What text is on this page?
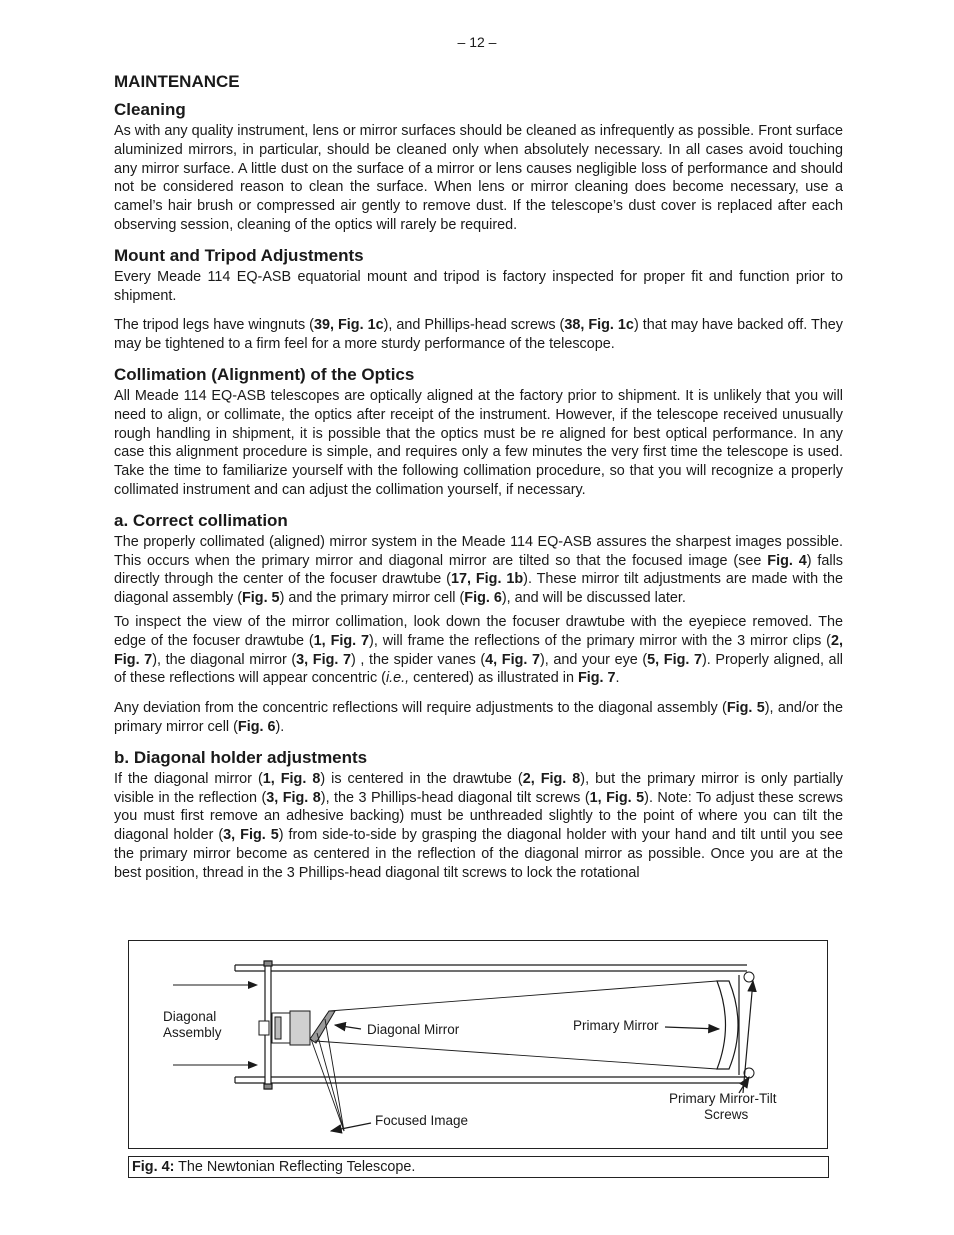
– 12 –
MAINTENANCE
Cleaning

As with any quality instrument, lens or mirror surfaces should be cleaned as infrequently as possible. Front surface aluminized mirrors, in particular, should be cleaned only when absolutely necessary. In all cases avoid touching any mirror surface. A little dust on the surface of a mirror or lens causes negligible loss of performance and should not be considered reason to clean the surface. When lens or mirror cleaning does become necessary, use a camel’s hair brush or compressed air gently to remove dust. If the telescope’s dust cover is replaced after each observing session, cleaning of the optics will rarely be required.

Mount and Tripod Adjustments

Every Meade 114 EQ-ASB equatorial mount and tripod is factory inspected for proper fit and function prior to shipment.

The tripod legs have wingnuts (39, Fig. 1c), and Phillips-head screws (38, Fig. 1c) that may have backed off. They may be tightened to a firm feel for a more sturdy performance of the telescope.

Collimation (Alignment) of the Optics

All Meade 114 EQ-ASB telescopes are optically aligned at the factory prior to shipment. It is unlikely that you will need to align, or collimate, the optics after receipt of the instrument. However, if the telescope received unusually rough handling in shipment, it is possible that the optics must be re aligned for best optical performance. In any case this alignment procedure is simple, and requires only a few minutes the very first time the telescope is used. Take the time to familiarize yourself with the following collimation procedure, so that you will recognize a properly collimated instrument and can adjust the collimation yourself, if necessary.

a. Correct collimation

The properly collimated (aligned) mirror system in the Meade 114 EQ-ASB assures the sharpest images possible. This occurs when the primary mirror and diagonal mirror are tilted so that the focused image (see Fig. 4) falls directly through the center of the focuser drawtube (17, Fig. 1b). These mirror tilt adjustments are made with the diagonal assembly (Fig. 5) and the primary mirror cell (Fig. 6), and will be discussed later.

To inspect the view of the mirror collimation, look down the focuser drawtube with the eyepiece removed. The edge of the focuser drawtube (1, Fig. 7), will frame the reflections of the primary mirror with the 3 mirror clips (2, Fig. 7), the diagonal mirror (3, Fig. 7) , the spider vanes (4, Fig. 7), and your eye (5, Fig. 7). Properly aligned, all of these reflections will appear concentric (i.e., centered) as illustrated in Fig. 7.

Any deviation from the concentric reflections will require adjustments to the diagonal assembly (Fig. 5), and/or the primary mirror cell (Fig. 6).

b. Diagonal holder adjustments

If the diagonal mirror (1, Fig. 8) is centered in the drawtube (2, Fig. 8), but the primary mirror is only partially visible in the reflection (3, Fig. 8), the 3 Phillips-head diagonal tilt screws (1, Fig. 5). Note: To adjust these screws you must first remove an adhesive backing) must be unthreaded slightly to the point of where you can tilt the diagonal holder (3, Fig. 5) from side-to-side by grasping the diagonal holder with your hand and tilt until you see the primary mirror become as centered in the reflection of the diagonal mirror as possible. Once you are at the best position, thread in the 3 Phillips-head diagonal tilt screws to lock the rotational

Diagonal
Assembly	Diagonal Mirror	Primary Mirror
Focused Image
Primary Mirror-Tilt
Screws
Fig. 4: The Newtonian Reflecting Telescope.
